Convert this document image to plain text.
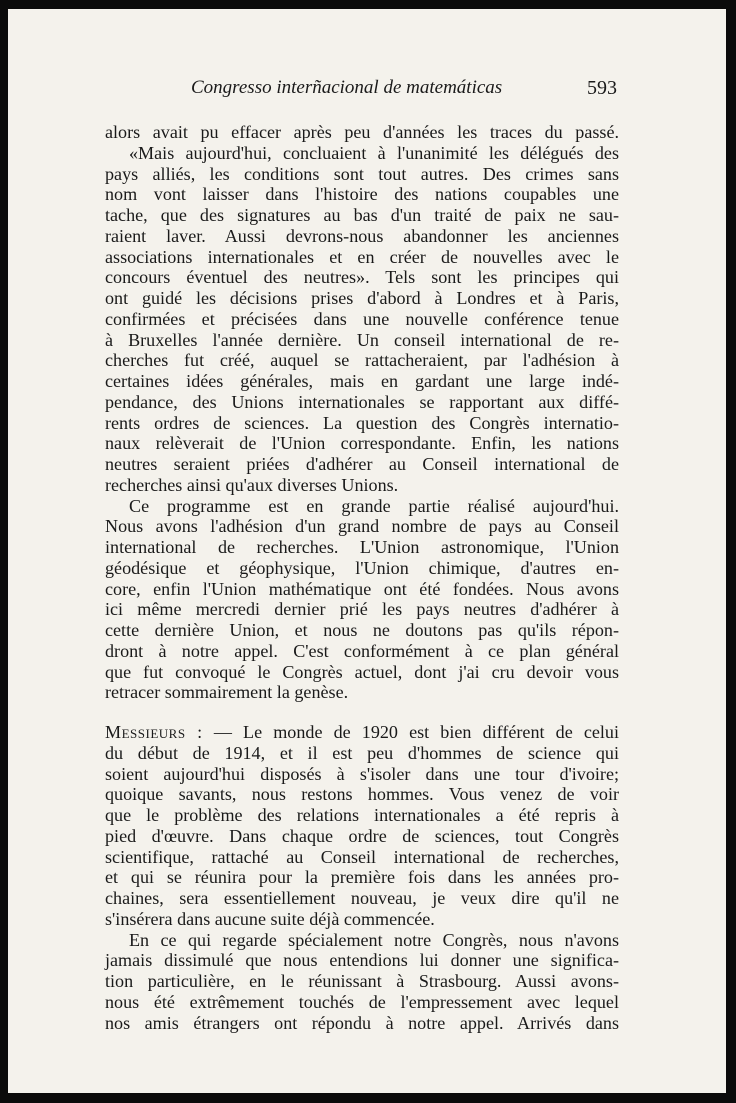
Congresso interñacional de matemáticas	593
alors avait pu effacer après peu d'années les traces du passé.
«Mais aujourd'hui, concluaient à l'unanimité les délégués des
pays alliés, les conditions sont tout autres. Des crimes sans
nom vont laisser dans l'histoire des nations coupables une
tache, que des signatures au bas d'un traité de paix ne sau-
raient laver. Aussi devrons-nous abandonner les anciennes
associations internationales et en créer de nouvelles avec le
concours éventuel des neutres». Tels sont les principes qui
ont guidé les décisions prises d'abord à Londres et à Paris,
confirmées et précisées dans une nouvelle conférence tenue
à Bruxelles l'année dernière. Un conseil international de re-
cherches fut créé, auquel se rattacheraient, par l'adhésion à
certaines idées générales, mais en gardant une large indé-
pendance, des Unions internationales se rapportant aux diffé-
rents ordres de sciences. La question des Congrès internatio-
naux relèverait de l'Union correspondante. Enfin, les nations
neutres seraient priées d'adhérer au Conseil international de
recherches ainsi qu'aux diverses Unions.
Ce programme est en grande partie réalisé aujourd'hui.
Nous avons l'adhésion d'un grand nombre de pays au Conseil
international de recherches. L'Union astronomique, l'Union
géodésique et géophysique, l'Union chimique, d'autres en-
core, enfin l'Union mathématique ont été fondées. Nous avons
ici même mercredi dernier prié les pays neutres d'adhérer à
cette dernière Union, et nous ne doutons pas qu'ils répon-
dront à notre appel. C'est conformément à ce plan général
que fut convoqué le Congrès actuel, dont j'ai cru devoir vous
retracer sommairement la genèse.
Messieurs : — Le monde de 1920 est bien différent de celui
du début de 1914, et il est peu d'hommes de science qui
soient aujourd'hui disposés à s'isoler dans une tour d'ivoire;
quoique savants, nous restons hommes. Vous venez de voir
que le problème des relations internationales a été repris à
pied d'œuvre. Dans chaque ordre de sciences, tout Congrès
scientifique, rattaché au Conseil international de recherches,
et qui se réunira pour la première fois dans les années pro-
chaines, sera essentiellement nouveau, je veux dire qu'il ne
s'insérera dans aucune suite déjà commencée.
En ce qui regarde spécialement notre Congrès, nous n'avons
jamais dissimulé que nous entendions lui donner une significa-
tion particulière, en le réunissant à Strasbourg. Aussi avons-
nous été extrêmement touchés de l'empressement avec lequel
nos amis étrangers ont répondu à notre appel. Arrivés dans
